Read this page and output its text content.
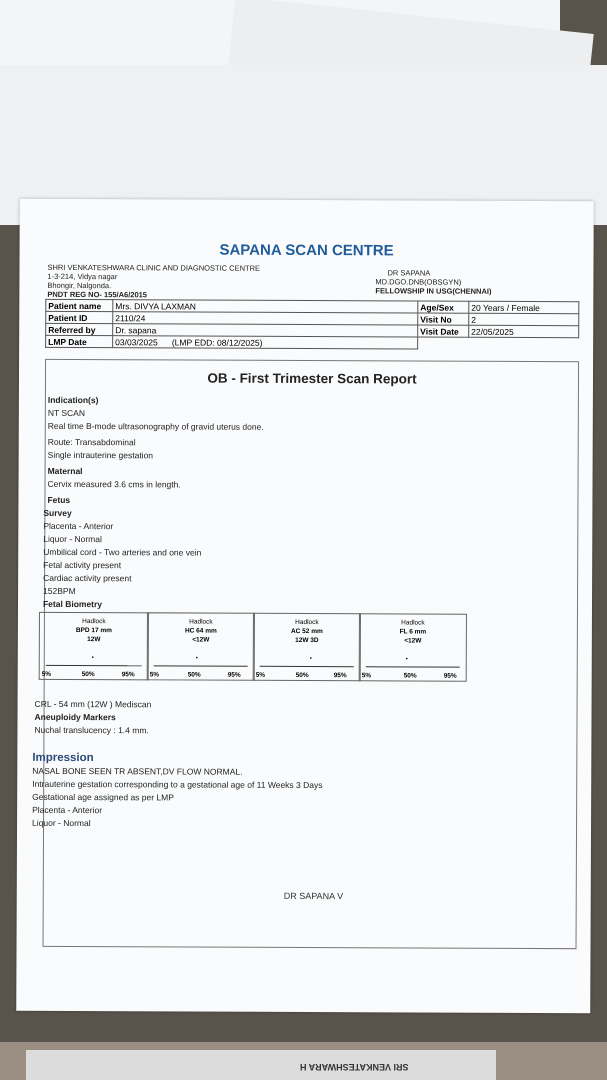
SAPANA SCAN CENTRE
SHRI VENKATESHWARA CLINIC AND DIAGNOSTIC CENTRE
1-3-214, Vidya nagar
Bhongir, Nalgonda.
PNDT REG NO- 155/A6/2015
DR SAPANA
MD.DGO.DNB(OBSGYN)
FELLOWSHIP IN USG(CHENNAI)
Patient name	Mrs. DIVYA LAXMAN	Age/Sex	20 Years / Female
Patient ID	2110/24	Visit No	2
Referred by	Dr. sapana	Visit Date	22/05/2025
LMP Date	03/03/2025 (LMP EDD: 08/12/2025)		
OB - First Trimester Scan Report
Indication(s)
NT SCAN
Real time B-mode ultrasonography of gravid uterus done.
Route: Transabdominal
Single intrauterine gestation
Maternal
Cervix measured 3.6 cms in length.
Fetus
Survey
Placenta - Anterior
Liquor - Normal
Umbilical cord - Two arteries and one vein
Fetal activity present
Cardiac activity present
152BPM
Fetal Biometry
Hadlock
BPD 17 mm
12W
•
5%	50%	95%
Hadlock
HC 64 mm
<12W
•
5%	50%	95%
Hadlock
AC 52 mm
12W 3D
•
5%	50%	95%
Hadlock
FL 6 mm
<12W
•
5%	50%	95%
CRL - 54 mm (12W ) Mediscan
Aneuploidy Markers
Nuchal translucency : 1.4 mm.
Impression
NASAL BONE SEEN TR ABSENT,DV FLOW NORMAL.
Intrauterine gestation corresponding to a gestational age of 11 Weeks 3 Days
Gestational age assigned as per LMP
Placenta - Anterior
Liquor - Normal
DR SAPANA V
SRI VENKATESHWARA H
